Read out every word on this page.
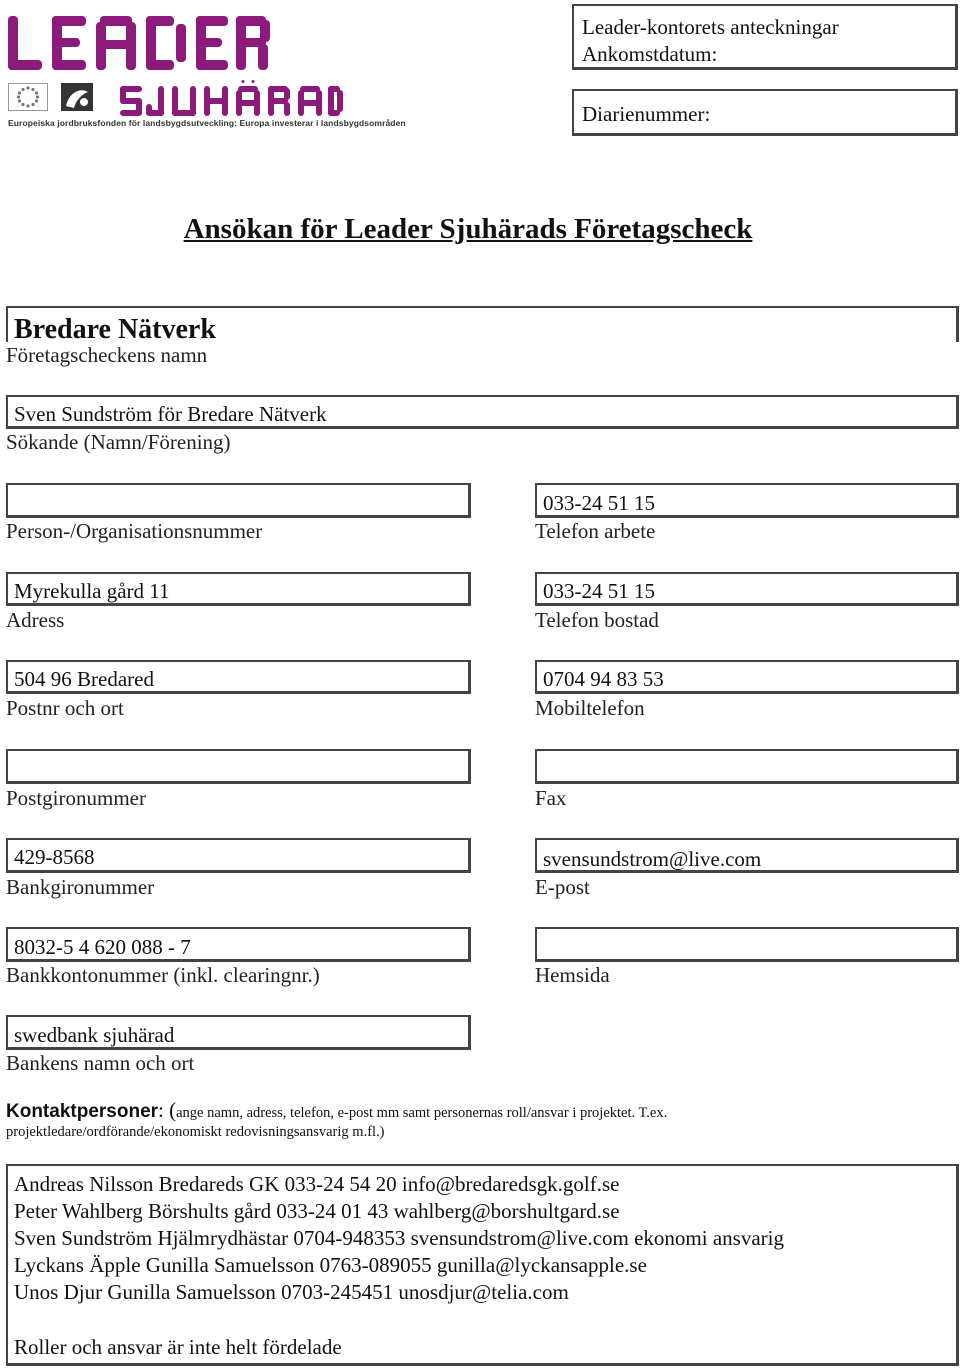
Europeiska jordbruksfonden för landsbygdsutveckling: Europa investerar i landsbygdsområden
Leader-kontorets anteckningar
Ankomstdatum:
Diarienummer:
Ansökan för Leader Sjuhärads Företagscheck
Bredare Nätverk
Företagscheckens namn
Sven Sundström för Bredare Nätverk
Sökande (Namn/Förening)
Person-/Organisationsnummer
033-24 51 15
Telefon arbete
Myrekulla gård 11
Adress
033-24 51 15
Telefon bostad
504 96 Bredared
Postnr och ort
0704 94 83 53
Mobiltelefon
Postgironummer	Fax
429-8568
Bankgironummer
svensundstrom@live.com
E-post
8032-5 4 620 088 - 7
Bankkontonummer (inkl. clearingnr.)	Hemsida
swedbank sjuhärad
Bankens namn och ort
Kontaktpersoner: (ange namn, adress, telefon, e-post mm samt personernas roll/ansvar i projektet. T.ex.
projektledare/ordförande/ekonomiskt redovisningsansvarig m.fl.)
Andreas Nilsson Bredareds GK 033-24 54 20 info@bredaredsgk.golf.se
Peter Wahlberg Börshults gård 033-24 01 43 wahlberg@borshultgard.se
Sven Sundström Hjälmrydhästar 0704-948353 svensundstrom@live.com ekonomi ansvarig
Lyckans Äpple Gunilla Samuelsson 0763-089055 gunilla@lyckansapple.se
Unos Djur Gunilla Samuelsson 0703-245451 unosdjur@telia.com
Roller och ansvar är inte helt fördelade
